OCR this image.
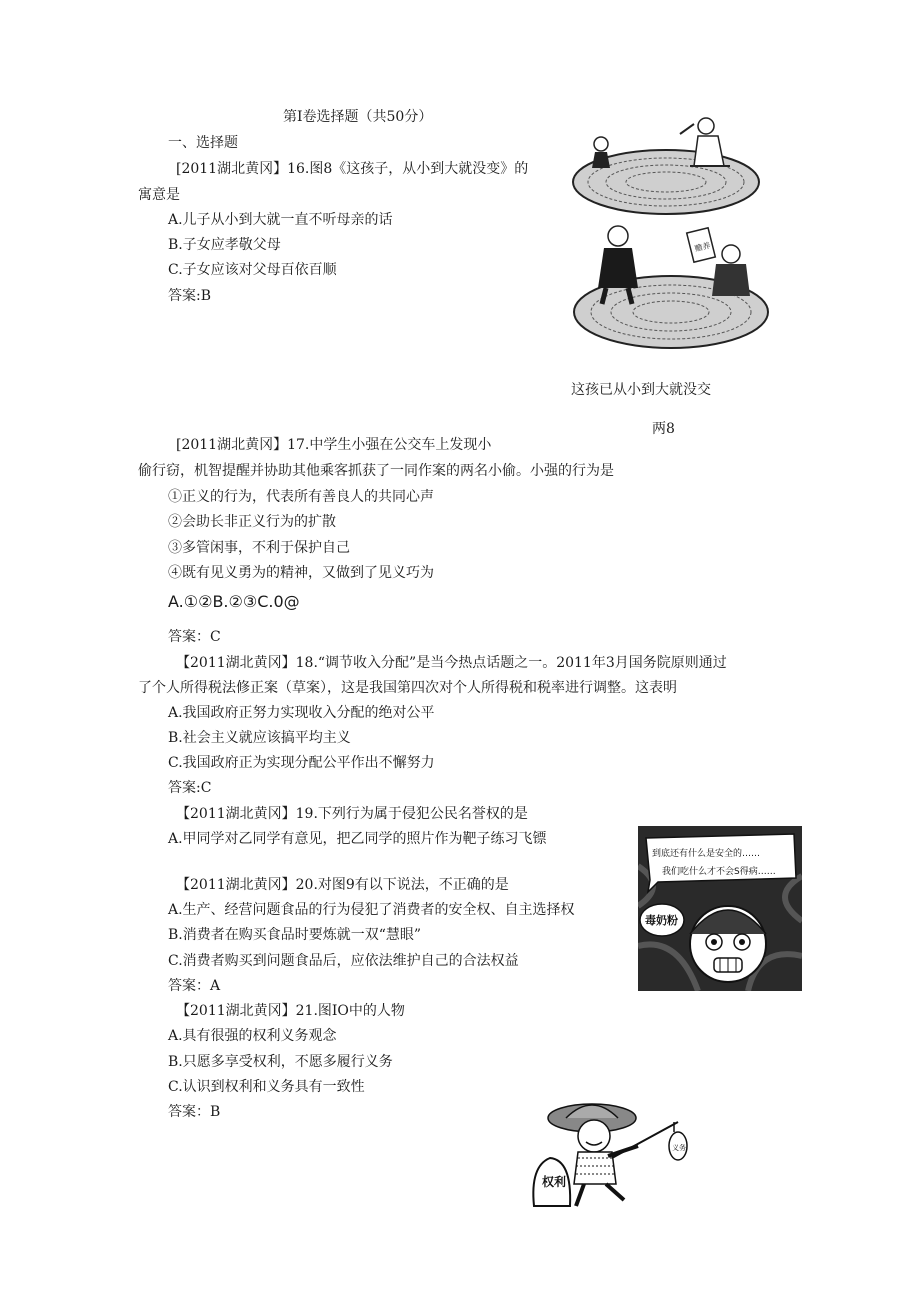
第Ⅰ卷选择题（共50分）
一、选择题
[2011湖北黄冈】16.图8《这孩子，从小到大就没变》的
寓意是
A.儿子从小到大就一直不听母亲的话
B.子女应孝敬父母
C.子女应该对父母百依百顺
答案:B
赡养
这孩已从小到大就没交
两8
[2011湖北黄冈】17.中学生小强在公交车上发现小
偷行窃，机智提醒并协助其他乘客抓获了一同作案的两名小偷。小强的行为是
①正义的行为，代表所有善良人的共同心声
②会助长非正义行为的扩散
③多管闲事，不利于保护自己
④既有见义勇为的精神，又做到了见义巧为
A.①②B.②③C.0@
答案：C
【2011湖北黄冈】18.“调节收入分配”是当今热点话题之一。2011年3月国务院原则通过
了个人所得税法修正案（草案），这是我国第四次对个人所得税和税率进行调整。这表明
A.我国政府正努力实现收入分配的绝对公平
B.社会主义就应该搞平均主义
C.我国政府正为实现分配公平作出不懈努力
答案:C
【2011湖北黄冈】19.下列行为属于侵犯公民名誉权的是
A.甲同学对乙同学有意见，把乙同学的照片作为靶子练习飞镖
到底还有什么是安全的……
我们吃什么才不会S得病……
毒奶粉
【2011湖北黄冈】20.对图9有以下说法，不正确的是
A.生产、经营问题食品的行为侵犯了消费者的安全权、自主选择权
B.消费者在购买食品时要炼就一双“慧眼”
C.消费者购买到问题食品后，应依法维护自己的合法权益
答案：A
【2011湖北黄冈】21.图IO中的人物
A.具有很强的权利义务观念
B.只愿多享受权利，不愿多履行义务
C.认识到权利和义务具有一致性
答案：B
义务
权利
